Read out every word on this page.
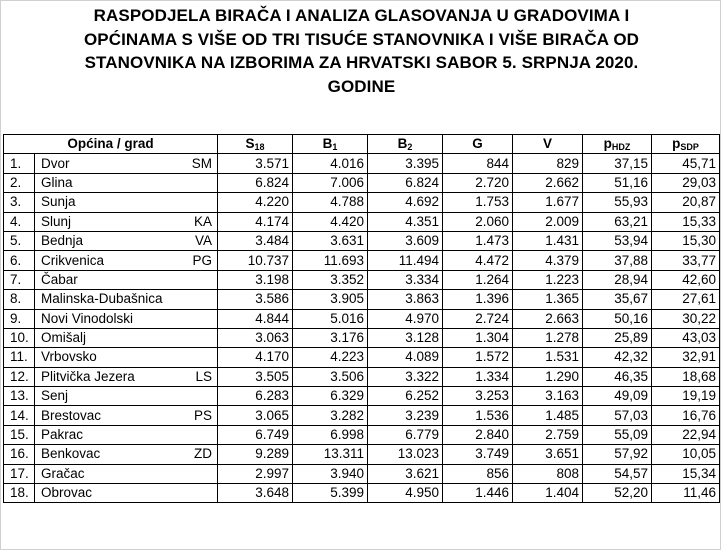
RASPODJELA BIRAČA I ANALIZA GLASOVANJA U GRADOVIMA I
OPĆINAMA S VIŠE OD TRI TISUĆE STANOVNIKA I VIŠE BIRAČA OD
STANOVNIKA NA IZBORIMA ZA HRVATSKI SABOR 5. SRPNJA 2020.
GODINE
Općina / grad		$S_{18}$	$B_1$	$B_2$	G	V	$p_{HDZ}$	$p_{SDP}$
1.	Dvor SM	3.571	4.016	3.395	844	829	37,15	45,71
2.	Glina	6.824	7.006	6.824	2.720	2.662	51,16	29,03
3.	Sunja	4.220	4.788	4.692	1.753	1.677	55,93	20,87
4.	Slunj KA	4.174	4.420	4.351	2.060	2.009	63,21	15,33
5.	Bednja VA	3.484	3.631	3.609	1.473	1.431	53,94	15,30
6.	Crikvenica PG	10.737	11.693	11.494	4.472	4.379	37,88	33,77
7.	Čabar	3.198	3.352	3.334	1.264	1.223	28,94	42,60
8.	Malinska-Dubašnica	3.586	3.905	3.863	1.396	1.365	35,67	27,61
9.	Novi Vinodolski	4.844	5.016	4.970	2.724	2.663	50,16	30,22
10.	Omišalj	3.063	3.176	3.128	1.304	1.278	25,89	43,03
11.	Vrbovsko	4.170	4.223	4.089	1.572	1.531	42,32	32,91
12.	Plitvička Jezera LS	3.505	3.506	3.322	1.334	1.290	46,35	18,68
13.	Senj	6.283	6.329	6.252	3.253	3.163	49,09	19,19
14.	Brestovac PS	3.065	3.282	3.239	1.536	1.485	57,03	16,76
15.	Pakrac	6.749	6.998	6.779	2.840	2.759	55,09	22,94
16.	Benkovac ZD	9.289	13.311	13.023	3.749	3.651	57,92	10,05
17.	Gračac	2.997	3.940	3.621	856	808	54,57	15,34
18.	Obrovac	3.648	5.399	4.950	1.446	1.404	52,20	11,46
